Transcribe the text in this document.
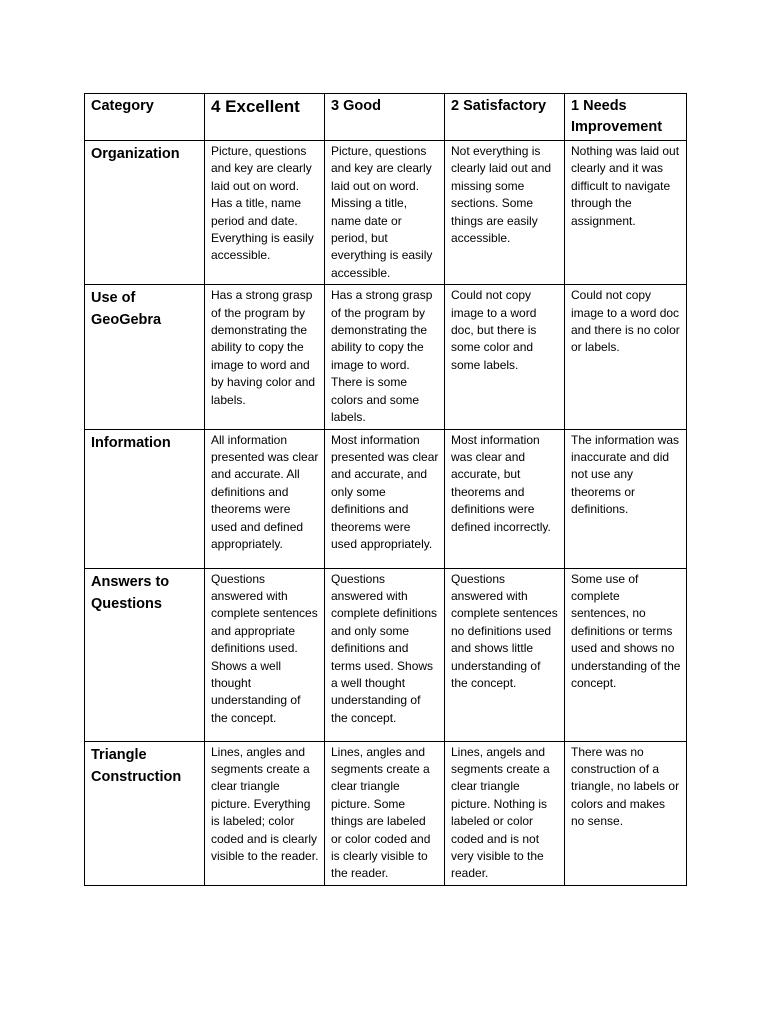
Category	4 Excellent	3 Good	2 Satisfactory	1 Needs Improvement
Organization	Picture, questions and key are clearly laid out on word. Has a title, name period and date. Everything is easily accessible.	Picture, questions and key are clearly laid out on word. Missing a title, name date or period, but everything is easily accessible.	Not everything is clearly laid out and missing some sections. Some things are easily accessible.	Nothing was laid out clearly and it was difficult to navigate through the assignment.
Use of GeoGebra	Has a strong grasp of the program by demonstrating the ability to copy the image to word and by having color and labels.	Has a strong grasp of the program by demonstrating the ability to copy the image to word. There is some colors and some labels.	Could not copy image to a word doc, but there is some color and some labels.	Could not copy image to a word doc and there is no color or labels.
Information	All information presented was clear and accurate. All definitions and theorems were used and defined appropriately.	Most information presented was clear and accurate, and only some definitions and theorems were used appropriately.	Most information was clear and accurate, but theorems and definitions were defined incorrectly.	The information was inaccurate and did not use any theorems or definitions.
Answers to Questions	Questions answered with complete sentences and appropriate definitions used. Shows a well thought understanding of the concept.	Questions answered with complete definitions and only some definitions and terms used. Shows a well thought understanding of the concept.	Questions answered with complete sentences no definitions used and shows little understanding of the concept.	Some use of complete sentences, no definitions or terms used and shows no understanding of the concept.
Triangle Construction	Lines, angles and segments create a clear triangle picture. Everything is labeled; color coded and is clearly visible to the reader.	Lines, angles and segments create a clear triangle picture. Some things are labeled or color coded and is clearly visible to the reader.	Lines, angels and segments create a clear triangle picture. Nothing is labeled or color coded and is not very visible to the reader.	There was no construction of a triangle, no labels or colors and makes no sense.
